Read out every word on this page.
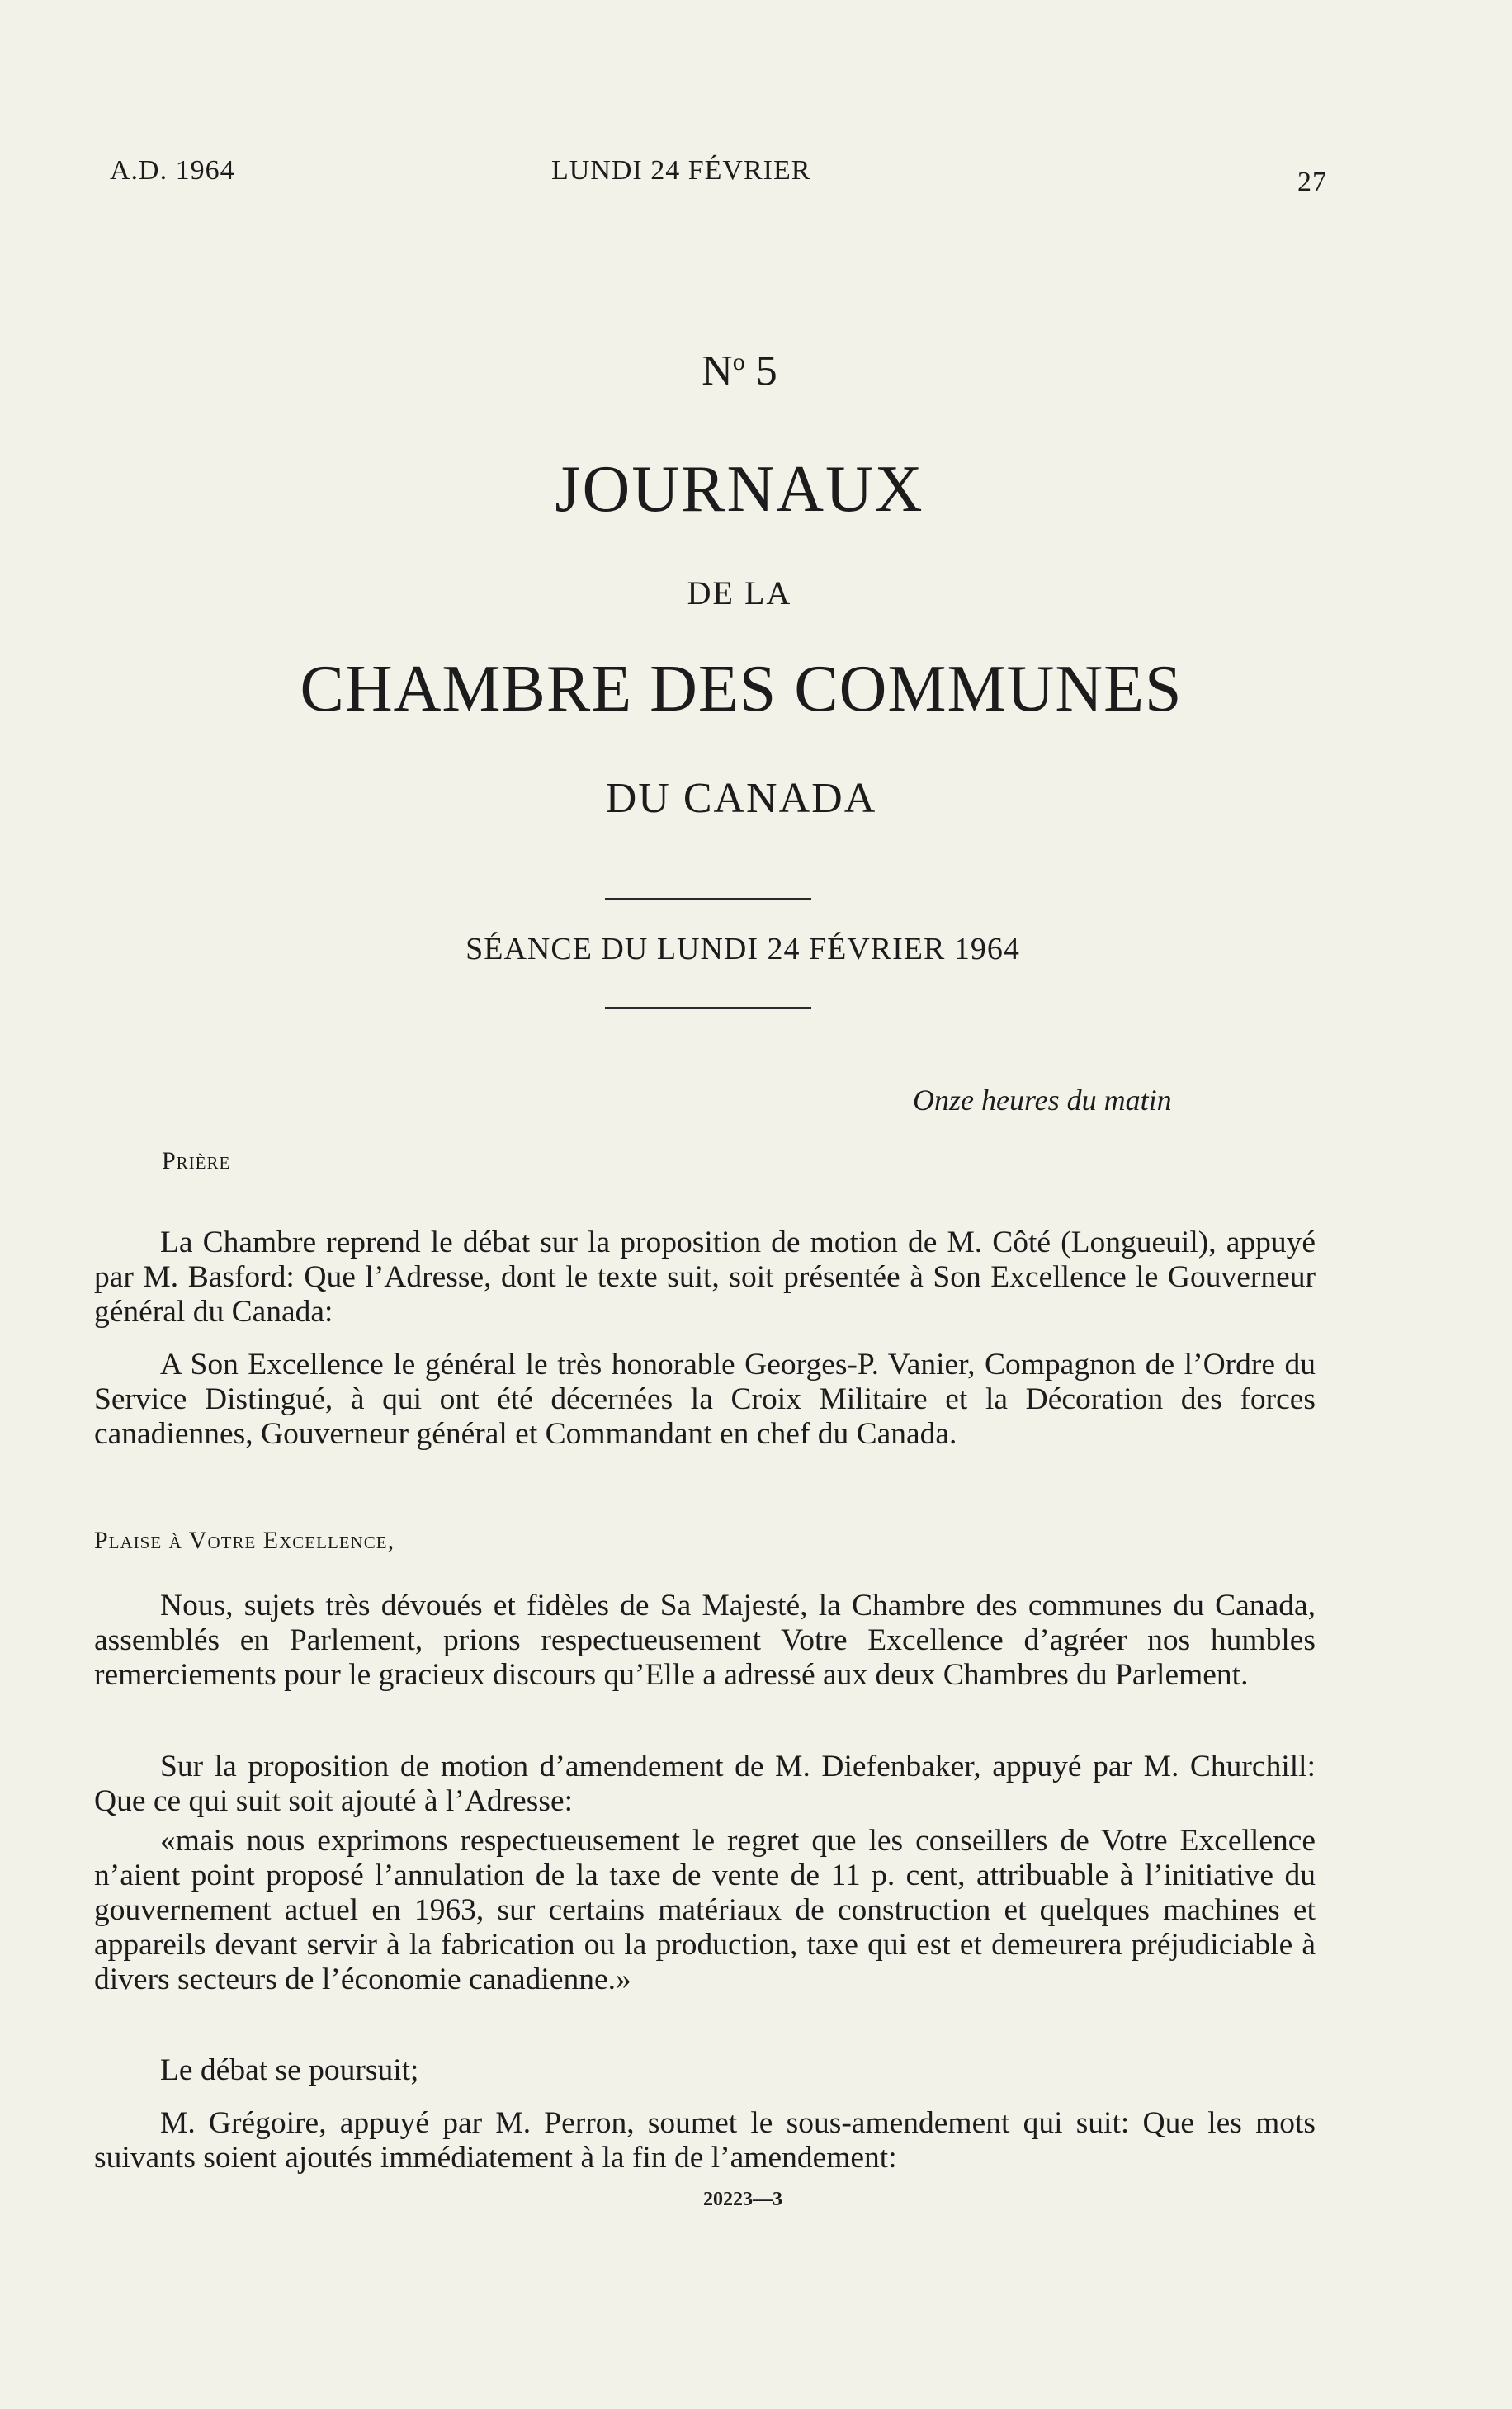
A.D. 1964	LUNDI 24 FÉVRIER	27
$N^o$ 5
JOURNAUX
DE LA
CHAMBRE DES COMMUNES
DU CANADA
SÉANCE DU LUNDI 24 FÉVRIER 1964
Onze heures du matin
Prière
La Chambre reprend le débat sur la proposition de motion de M. Côté (Longueuil), appuyé par M. Basford: Que l’Adresse, dont le texte suit, soit présentée à Son Excellence le Gouverneur général du Canada:
A Son Excellence le général le très honorable Georges-P. Vanier, Compagnon de l’Ordre du Service Distingué, à qui ont été décernées la Croix Militaire et la Décoration des forces canadiennes, Gouverneur général et Commandant en chef du Canada.
Plaise à Votre Excellence,
Nous, sujets très dévoués et fidèles de Sa Majesté, la Chambre des communes du Canada, assemblés en Parlement, prions respectueusement Votre Excellence d’agréer nos humbles remerciements pour le gracieux discours qu’Elle a adressé aux deux Chambres du Parlement.
Sur la proposition de motion d’amendement de M. Diefenbaker, appuyé par M. Churchill: Que ce qui suit soit ajouté à l’Adresse:
«mais nous exprimons respectueusement le regret que les conseillers de Votre Excellence n’aient point proposé l’annulation de la taxe de vente de 11 p. cent, attribuable à l’initiative du gouvernement actuel en 1963, sur certains matériaux de construction et quelques machines et appareils devant servir à la fabrication ou la production, taxe qui est et demeurera préjudiciable à divers secteurs de l’économie canadienne.»
Le débat se poursuit;
M. Grégoire, appuyé par M. Perron, soumet le sous-amendement qui suit: Que les mots suivants soient ajoutés immédiatement à la fin de l’amendement:
20223—3
